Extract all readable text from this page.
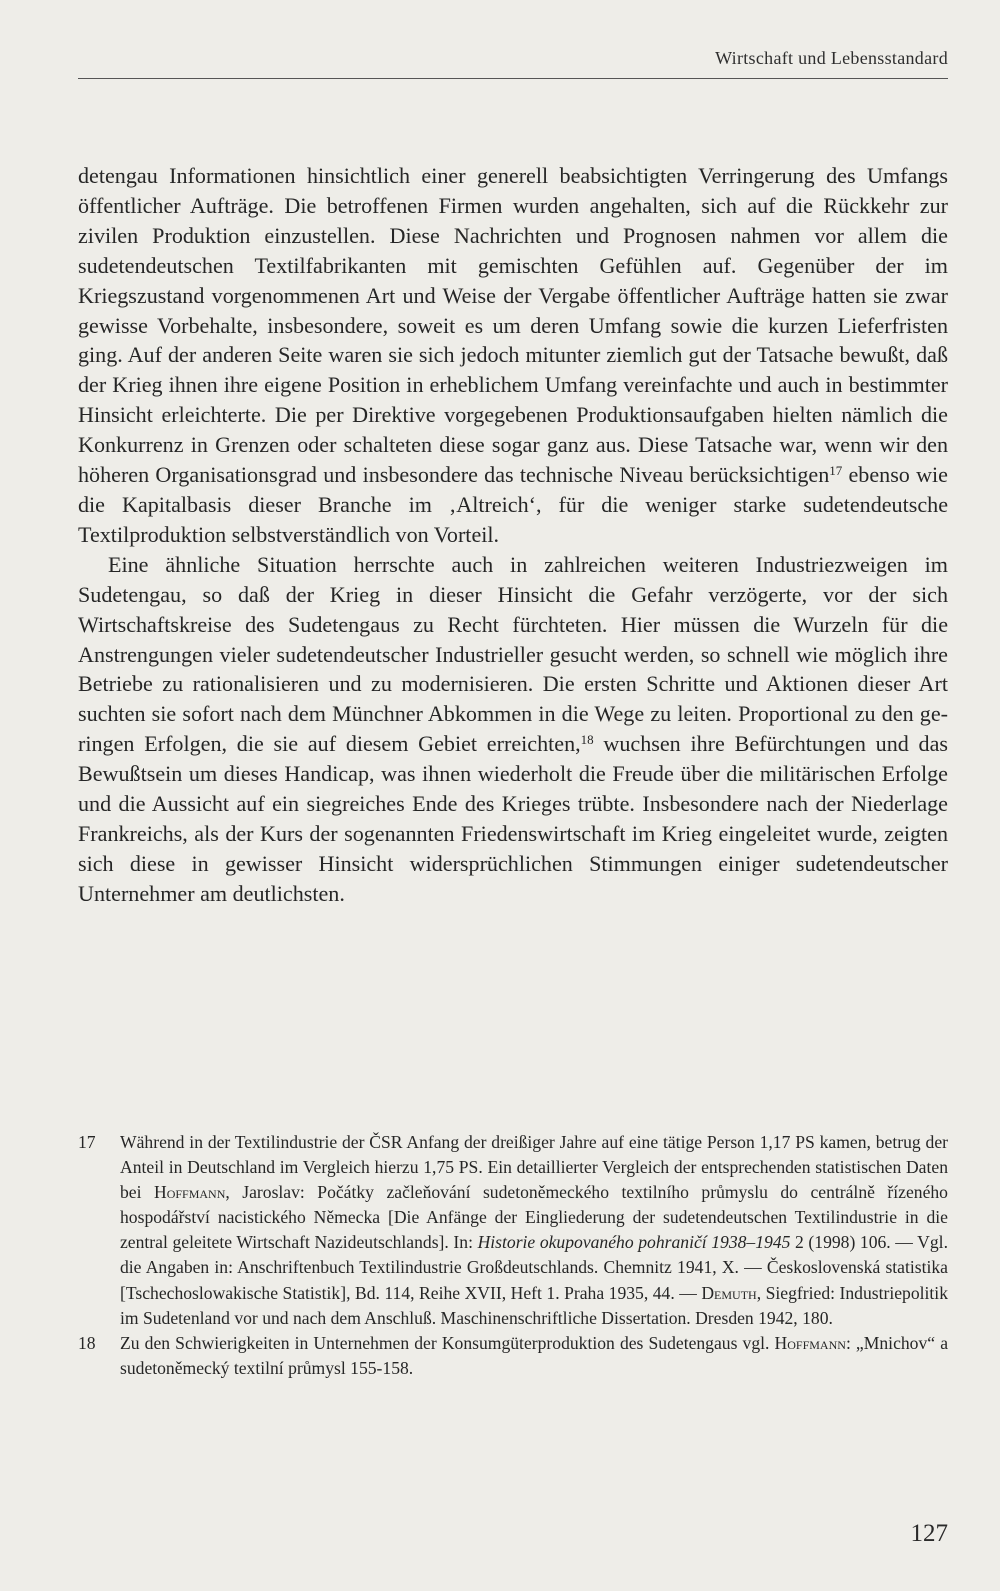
Wirtschaft und Lebensstandard

detengau Informationen hinsichtlich einer generell beabsichtigten Verringerung des Umfangs öffentlicher Aufträge. Die betroffenen Firmen wurden angehalten, sich auf die Rückkehr zur zivilen Produktion einzustellen. Diese Nachrichten und Prognosen nahmen vor allem die sudetendeutschen Textilfabrikanten mit gemischten Gefühlen auf. Gegenüber der im Kriegszustand vorgenommenen Art und Weise der Vergabe öffentlicher Aufträge hatten sie zwar gewisse Vorbehalte, insbesondere, soweit es um deren Umfang sowie die kurzen Lieferfristen ging. Auf der anderen Seite waren sie sich jedoch mitunter ziemlich gut der Tatsache bewußt, daß der Krieg ihnen ihre eigene Position in erheblichem Umfang vereinfachte und auch in bestimmter Hinsicht erleichterte. Die per Direktive vorgegebenen Produktionsaufgaben hielten nämlich die Konkurrenz in Grenzen oder schalteten diese sogar ganz aus. Diese Tatsache war, wenn wir den höheren Organisationsgrad und insbesondere das technische Niveau berücksichtigen$^{17}$ ebenso wie die Kapitalbasis dieser Branche im ‚Altreich‘, für die weniger starke sudetendeutsche Textilproduktion selbstverständlich von Vorteil.

Eine ähnliche Situation herrschte auch in zahlreichen weiteren Industriezweigen im Sudetengau, so daß der Krieg in dieser Hinsicht die Gefahr verzögerte, vor der sich Wirtschaftskreise des Sudetengaus zu Recht fürchteten. Hier müssen die Wurzeln für die Anstrengungen vieler sudetendeutscher Industrieller gesucht werden, so schnell wie möglich ihre Betriebe zu rationalisieren und zu modernisieren. Die ersten Schritte und Aktionen dieser Art suchten sie sofort nach dem Münchner Abkommen in die Wege zu leiten. Proportional zu den geringen Erfolgen, die sie auf diesem Gebiet erreichten,$^{18}$ wuchsen ihre Befürchtungen und das Bewußtsein um dieses Handicap, was ihnen wiederholt die Freude über die militärischen Erfolge und die Aussicht auf ein siegreiches Ende des Krieges trübte. Insbesondere nach der Niederlage Frankreichs, als der Kurs der sogenannten Friedenswirtschaft im Krieg eingeleitet wurde, zeigten sich diese in gewisser Hinsicht widersprüchlichen Stimmungen einiger sudetendeutscher Unternehmer am deutlichsten.

17	Während in der Textilindustrie der ČSR Anfang der dreißiger Jahre auf eine tätige Person 1,17 PS kamen, betrug der Anteil in Deutschland im Vergleich hierzu 1,75 PS. Ein detaillierter Vergleich der entsprechenden statistischen Daten bei Hoffmann, Jaroslav: Počátky začleňování sudetoněmeckého textilního průmyslu do centrálně řízeného hospodářství nacistického Německa [Die Anfänge der Eingliederung der sudetendeutschen Textilindustrie in die zentral geleitete Wirtschaft Nazideutschlands]. In: Historie okupovaného pohraničí 1938–1945 2 (1998) 106. — Vgl. die Angaben in: Anschriftenbuch Textilindustrie Großdeutschlands. Chemnitz 1941, X. — Československá statistika [Tschechoslowakische Statistik], Bd. 114, Reihe XVII, Heft 1. Praha 1935, 44. — Demuth, Siegfried: Industriepolitik im Sudetenland vor und nach dem Anschluß. Maschinenschriftliche Dissertation. Dresden 1942, 180.
18	Zu den Schwierigkeiten in Unternehmen der Konsumgüterproduktion des Sudetengaus vgl. Hoffmann: „Mnichov“ a sudetoněmecký textilní průmysl 155-158.
127
